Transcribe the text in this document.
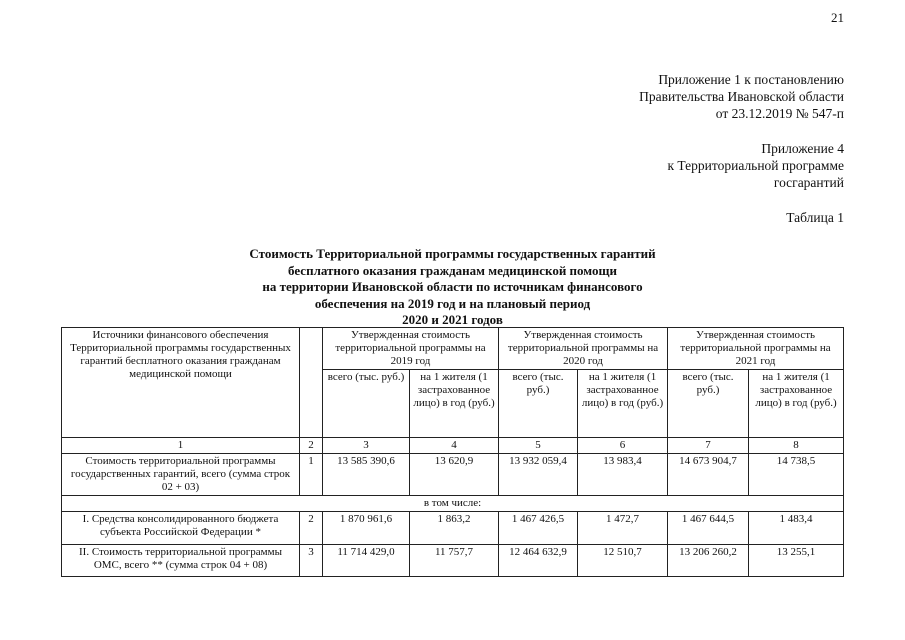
21
Приложение 1 к постановлению
Правительства Ивановской области
от 23.12.2019 № 547-п
Приложение 4
к Территориальной программе
госгарантий
Таблица 1
Стоимость Территориальной программы государственных гарантий
бесплатного оказания гражданам медицинской помощи
на территории Ивановской области по источникам финансового
обеспечения на 2019 год и на плановый период
2020 и 2021 годов
Источники финансового обеспечения Территориальной программы государственных гарантий бесплатного оказания гражданам медицинской помощи		Утвержденная стоимость территориальной программы на 2019 год		Утвержденная стоимость территориальной программы на 2020 год		Утвержденная стоимость территориальной программы на 2021 год	
		всего (тыс. руб.)	на 1 жителя (1 застрахованное лицо) в год (руб.)	всего (тыс. руб.)	на 1 жителя (1 застрахованное лицо) в год (руб.)	всего (тыс. руб.)	на 1 жителя (1 застрахованное лицо) в год (руб.)
1	2	3	4	5	6	7	8
Стоимость территориальной программы государственных гарантий, всего (сумма строк 02 + 03)	1	13 585 390,6	13 620,9	13 932 059,4	13 983,4	14 673 904,7	14 738,5
в том числе:							
I. Средства консолидированного бюджета субъекта Российской Федерации *	2	1 870 961,6	1 863,2	1 467 426,5	1 472,7	1 467 644,5	1 483,4
II. Стоимость территориальной программы ОМС, всего ** (сумма строк 04 + 08)	3	11 714 429,0	11 757,7	12 464 632,9	12 510,7	13 206 260,2	13 255,1
